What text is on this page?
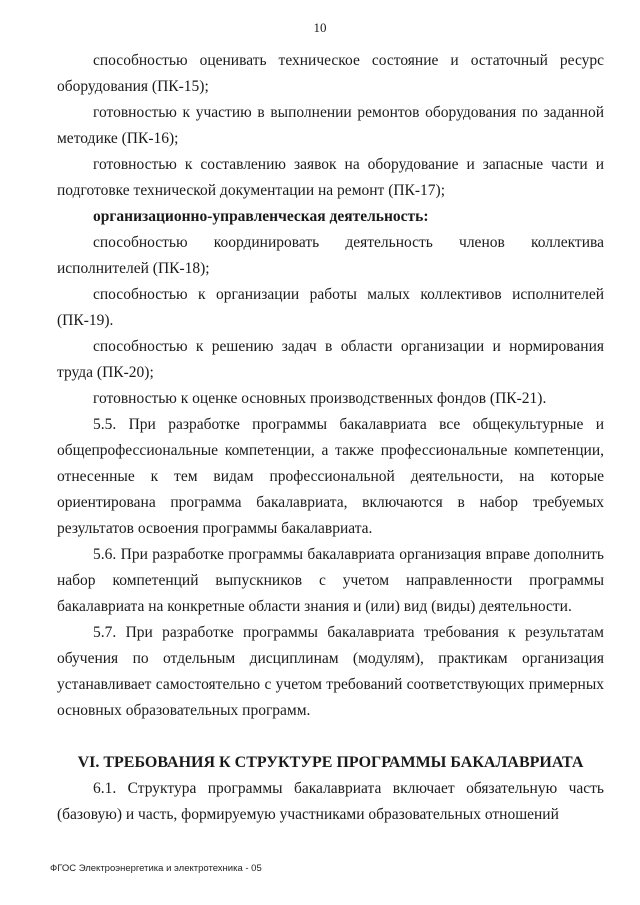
10

способностью оценивать техническое состояние и остаточный ресурс оборудования (ПК-15);

готовностью к участию в выполнении ремонтов оборудования по заданной методике (ПК-16);

готовностью к составлению заявок на оборудование и запасные части и подготовке технической документации на ремонт (ПК-17);

организационно-управленческая деятельность:

способностью координировать деятельность членов коллектива исполнителей (ПК-18);

способностью к организации работы малых коллективов исполнителей (ПК-19).

способностью к решению задач в области организации и нормирования труда (ПК-20);

готовностью к оценке основных производственных фондов (ПК-21).

5.5. При разработке программы бакалавриата все общекультурные и общепрофессиональные компетенции, а также профессиональные компетенции, отнесенные к тем видам профессиональной деятельности, на которые ориентирована программа бакалавриата, включаются в набор требуемых результатов освоения программы бакалавриата.

5.6. При разработке программы бакалавриата организация вправе дополнить набор компетенций выпускников с учетом направленности программы бакалавриата на конкретные области знания и (или) вид (виды) деятельности.

5.7. При разработке программы бакалавриата требования к результатам обучения по отдельным дисциплинам (модулям), практикам организация устанавливает самостоятельно с учетом требований соответствующих примерных основных образовательных программ.

VI. ТРЕБОВАНИЯ К СТРУКТУРЕ ПРОГРАММЫ БАКАЛАВРИАТА

6.1. Структура программы бакалавриата включает обязательную часть (базовую) и часть, формируемую участниками образовательных отношений

ФГОС Электроэнергетика и электротехника - 05
